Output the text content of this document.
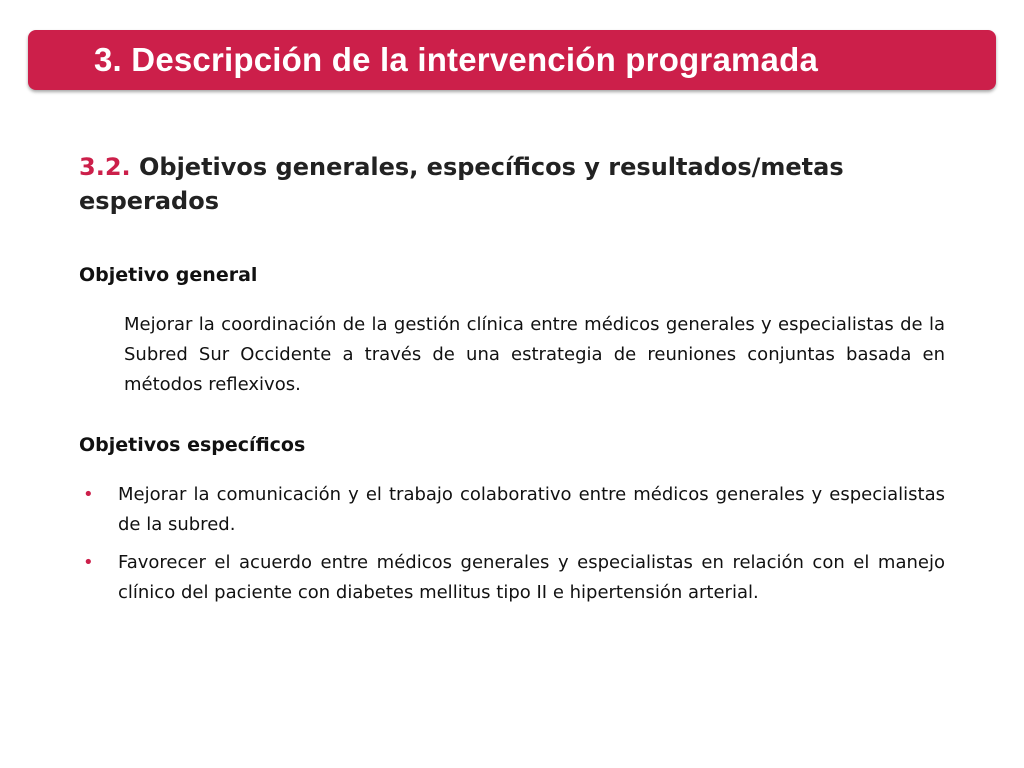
3. Descripción de la intervención programada
3.2. Objetivos generales, específicos y resultados/metas esperados
Objetivo general

Mejorar la coordinación de la gestión clínica entre médicos generales y especialistas de la Subred Sur Occidente a través de una estrategia de reuniones conjuntas basada en métodos reflexivos.

Objetivos específicos
• Mejorar la comunicación y el trabajo colaborativo entre médicos generales y especialistas de la subred.
• Favorecer el acuerdo entre médicos generales y especialistas en relación con el manejo clínico del paciente con diabetes mellitus tipo II e hipertensión arterial.
